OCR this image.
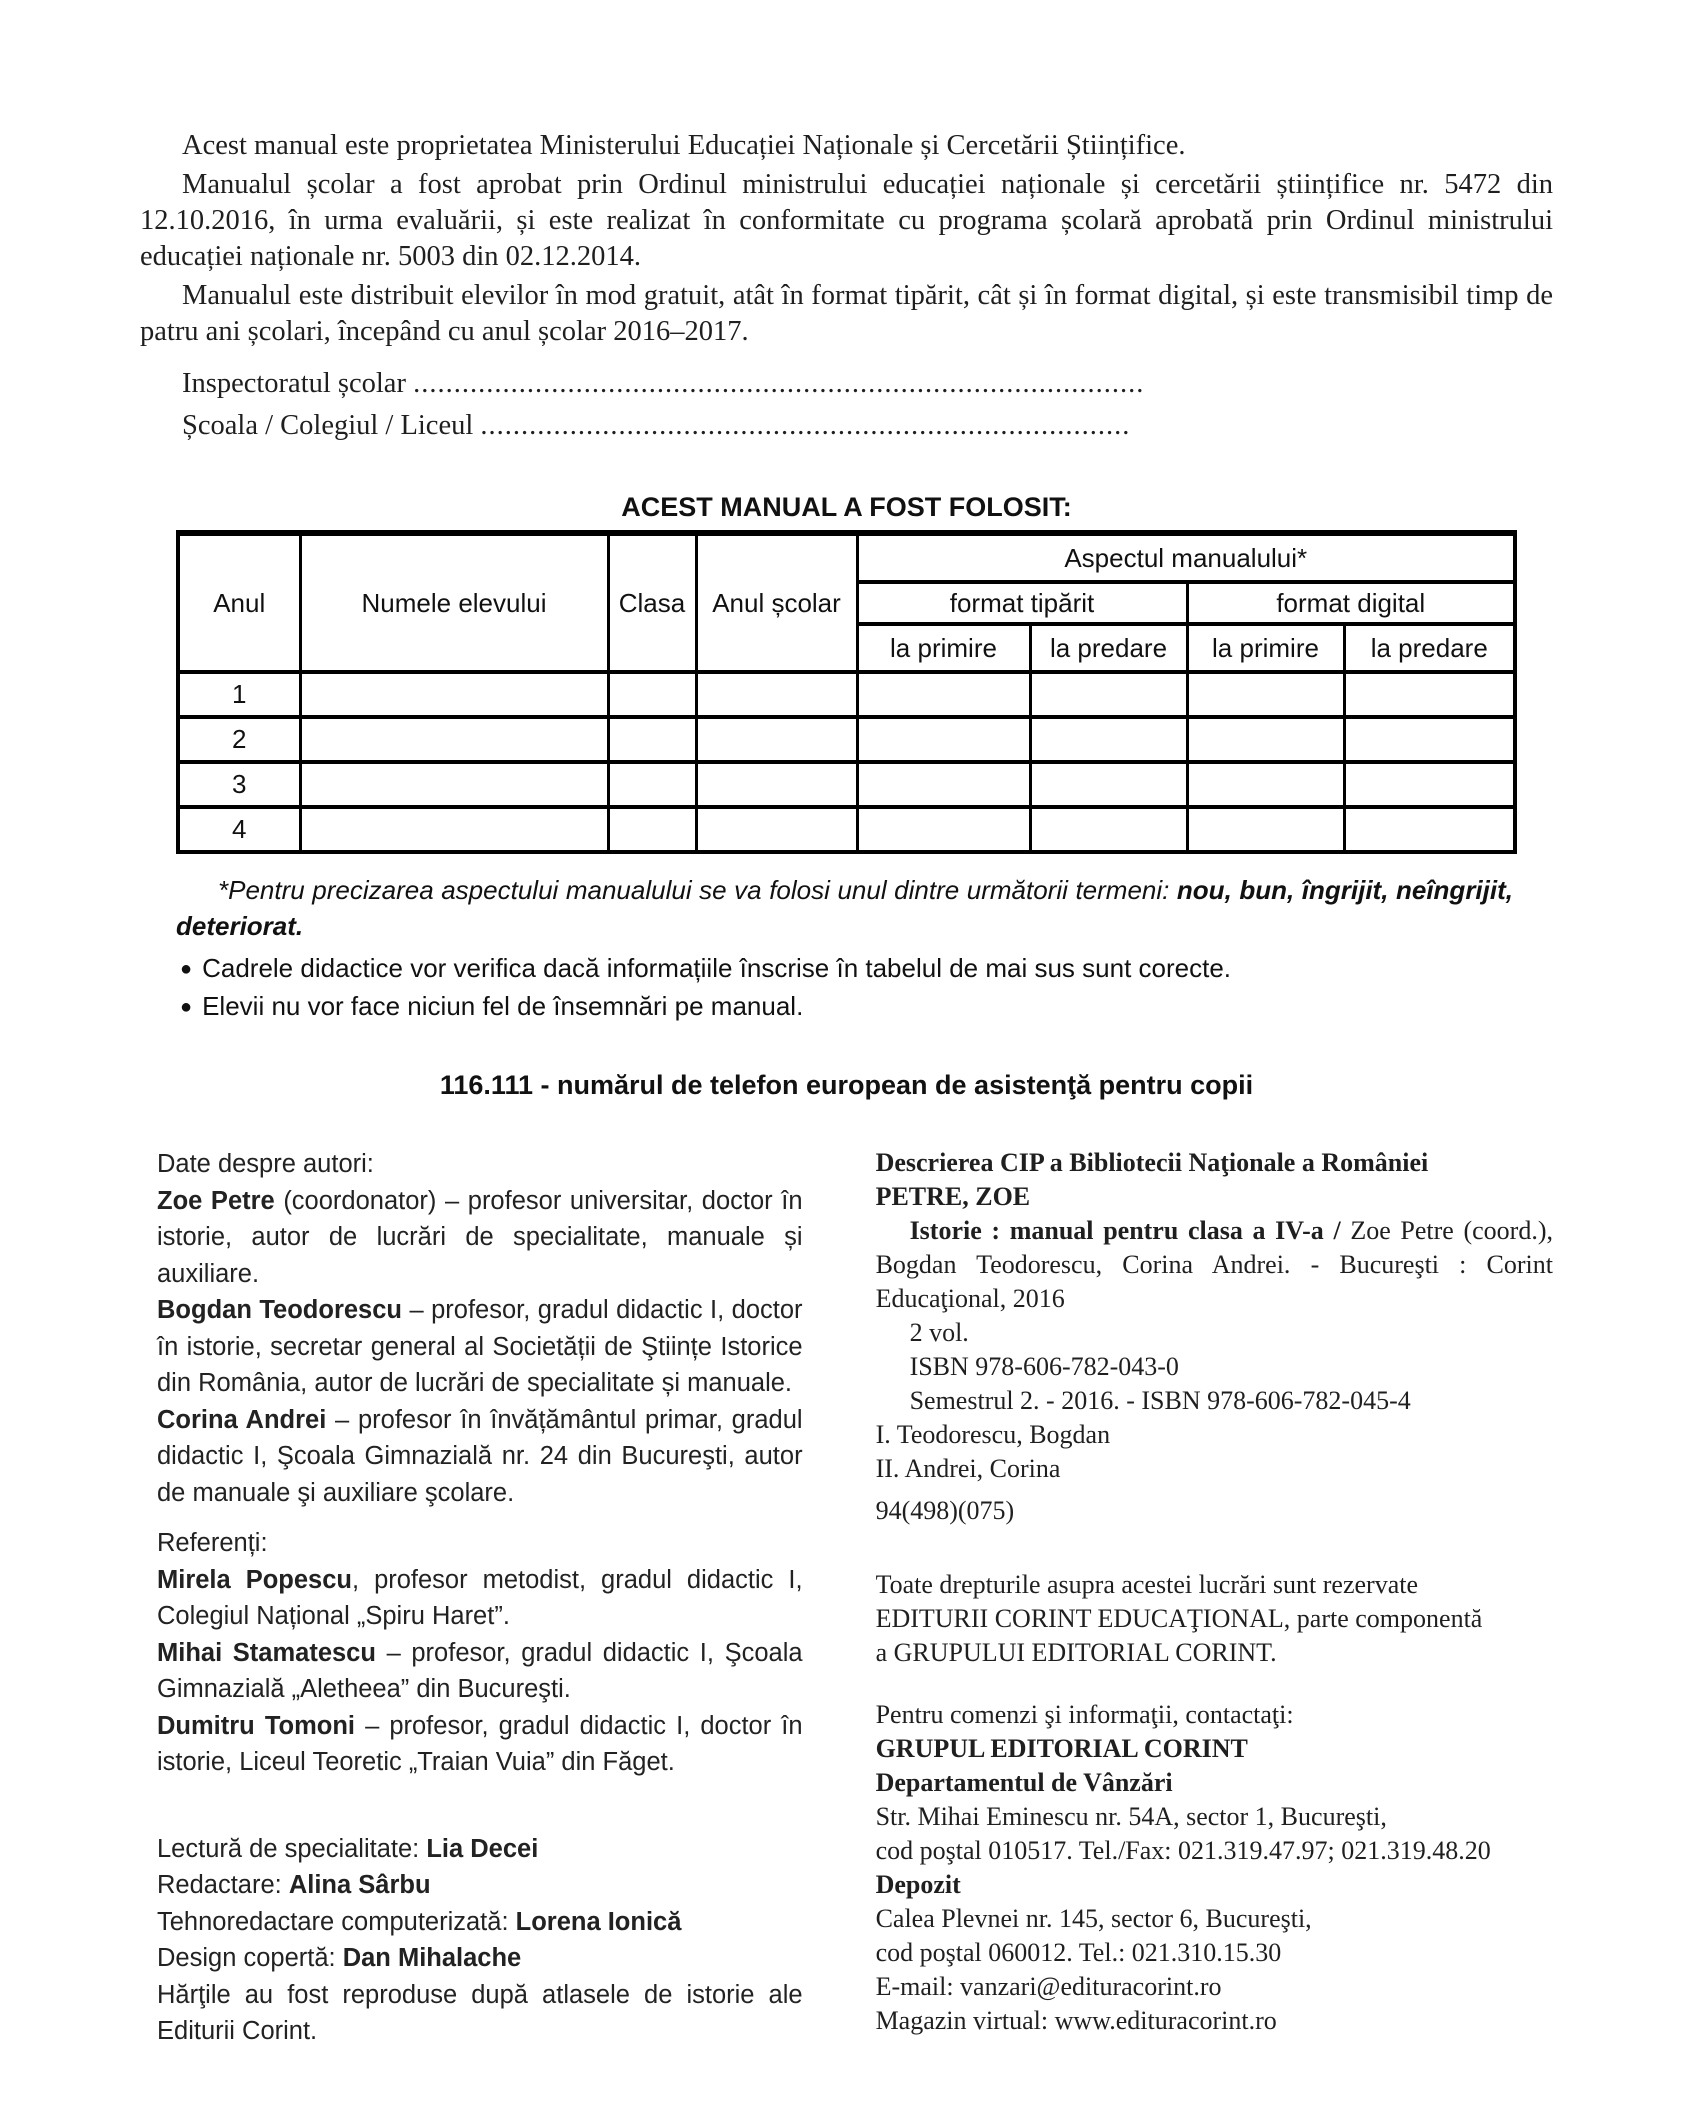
Acest manual este proprietatea Ministerului Educației Naționale și Cercetării Științifice.

Manualul școlar a fost aprobat prin Ordinul ministrului educației naționale și cercetării științifice nr. 5472 din 12.10.2016, în urma evaluării, și este realizat în conformitate cu programa școlară aprobată prin Ordinul ministrului educației naționale nr. 5003 din 02.12.2014.

Manualul este distribuit elevilor în mod gratuit, atât în format tipărit, cât și în format digital, și este transmisibil timp de patru ani școlari, începând cu anul școlar 2016–2017.

Inspectoratul școlar ..........................................................................................
Școala / Colegiul / Liceul ................................................................................
ACEST MANUAL A FOST FOLOSIT:
Anul	Numele elevului	Clasa	Anul școlar	Aspectul manualului*			
				format tipărit		format digital	
				la primire	la predare	la primire	la predare
1							
2							
3							
4							

*Pentru precizarea aspectului manualului se va folosi unul dintre următorii termeni: nou, bun, îngrijit, neîngrijit, deteriorat.

● Cadrele didactice vor verifica dacă informațiile înscrise în tabelul de mai sus sunt corecte.
● Elevii nu vor face niciun fel de însemnări pe manual.
116.111 - numărul de telefon european de asistenţă pentru copii

Date despre autori:

Zoe Petre (coordonator) – profesor universitar, doctor în istorie, autor de lucrări de specialitate, manuale și auxiliare.

Bogdan Teodorescu – profesor, gradul didactic I, doctor în istorie, secretar general al Societății de Ştiințe Istorice din România, autor de lucrări de specialitate și manuale.

Corina Andrei – profesor în învățământul primar, gradul didactic I, Şcoala Gimnazială nr. 24 din Bucureşti, autor de manuale şi auxiliare şcolare.

Referenți:

Mirela Popescu, profesor metodist, gradul didactic I, Colegiul Național „Spiru Haret”.

Mihai Stamatescu – profesor, gradul didactic I, Şcoala Gimnazială „Aletheea” din Bucureşti.

Dumitru Tomoni – profesor, gradul didactic I, doctor în istorie, Liceul Teoretic „Traian Vuia” din Făget.

Lectură de specialitate: Lia Decei

Redactare: Alina Sârbu

Tehnoredactare computerizată: Lorena Ionică

Design copertă: Dan Mihalache

Hărţile au fost reproduse după atlasele de istorie ale Editurii Corint.

Descrierea CIP a Bibliotecii Naţionale a României
PETRE, ZOE

Istorie : manual pentru clasa a IV-a / Zoe Petre (coord.), Bogdan Teodorescu, Corina Andrei. - Bucureşti : Corint Educaţional, 2016

2 vol.
ISBN 978-606-782-043-0
Semestrul 2. - 2016. - ISBN 978-606-782-045-4
I. Teodorescu, Bogdan
II. Andrei, Corina
94(498)(075)
Toate drepturile asupra acestei lucrări sunt rezervate
EDITURII CORINT EDUCAŢIONAL, parte componentă
a GRUPULUI EDITORIAL CORINT.
Pentru comenzi şi informaţii, contactaţi:
GRUPUL EDITORIAL CORINT
Departamentul de Vânzări
Str. Mihai Eminescu nr. 54A, sector 1, Bucureşti,
cod poştal 010517. Tel./Fax: 021.319.47.97; 021.319.48.20
Depozit
Calea Plevnei nr. 145, sector 6, Bucureşti,
cod poştal 060012. Tel.: 021.310.15.30
E-mail: vanzari@edituracorint.ro
Magazin virtual: www.edituracorint.ro
